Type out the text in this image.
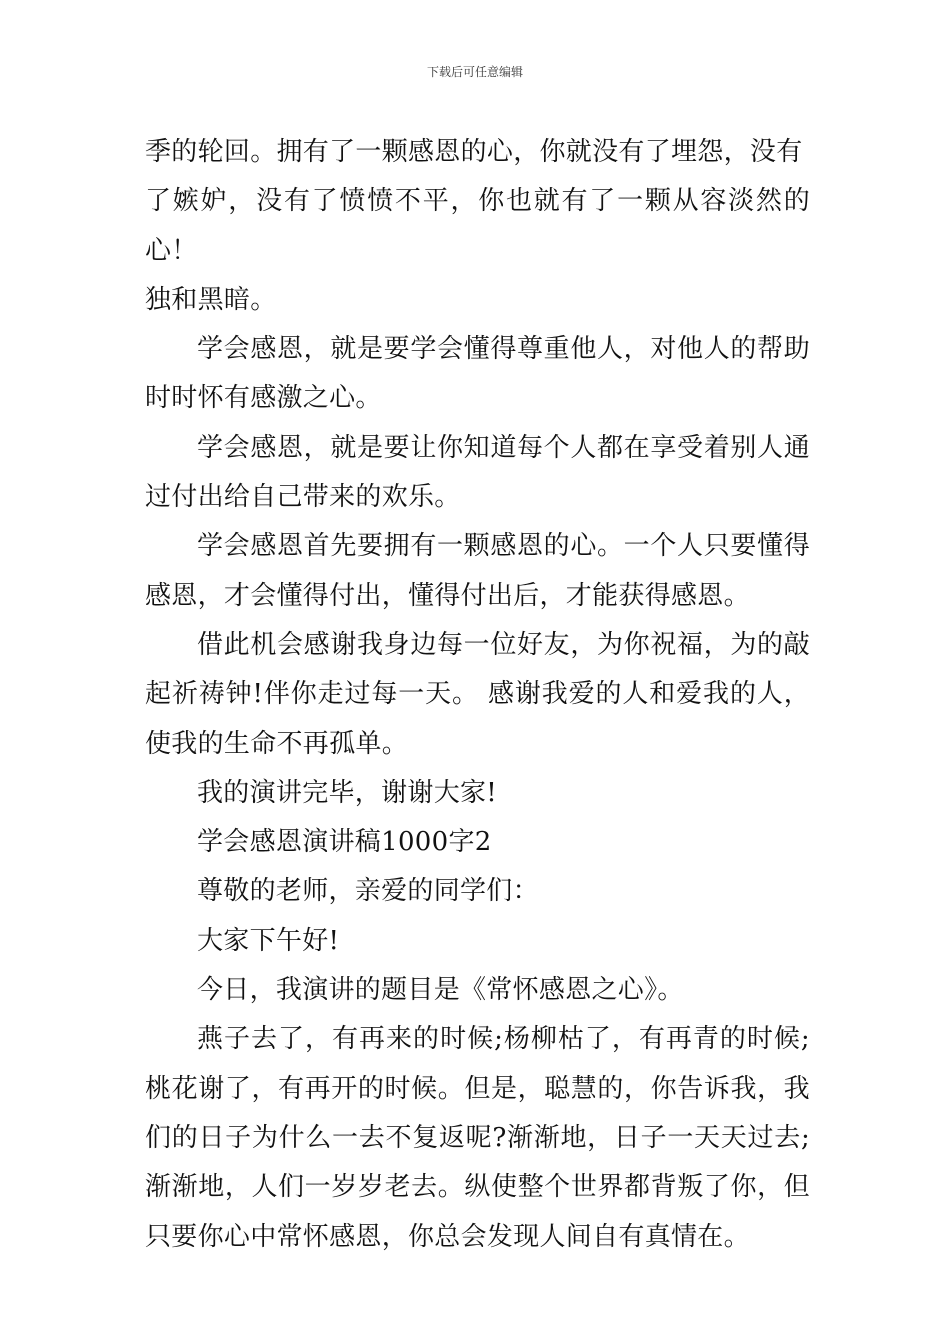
下载后可任意编辑

季的轮回。拥有了一颗感恩的心，你就没有了埋怨，没有
了嫉妒，没有了愤愤不平，你也就有了一颗从容淡然的心！
独和黑暗。

学会感恩，就是要学会懂得尊重他人，对他人的帮助时时怀有感激之心。

学会感恩，就是要让你知道每个人都在享受着别人通过付出给自己带来的欢乐。

学会感恩首先要拥有一颗感恩的心。一个人只要懂得感恩，才会懂得付出，懂得付出后，才能获得感恩。

借此机会感谢我身边每一位好友，为你祝福，为的敲起祈祷钟!伴你走过每一天。 感谢我爱的人和爱我的人，使我的生命不再孤单。

我的演讲完毕，谢谢大家!

学会感恩演讲稿1000字2

尊敬的老师，亲爱的同学们：

大家下午好!

今日，我演讲的题目是《常怀感恩之心》。

燕子去了，有再来的时候;杨柳枯了，有再青的时候;桃花谢了，有再开的时候。但是，聪慧的，你告诉我，我们的日子为什么一去不复返呢?渐渐地，日子一天天过去;渐渐地，人们一岁岁老去。纵使整个世界都背叛了你，但只要你心中常怀感恩，你总会发现人间自有真情在。
